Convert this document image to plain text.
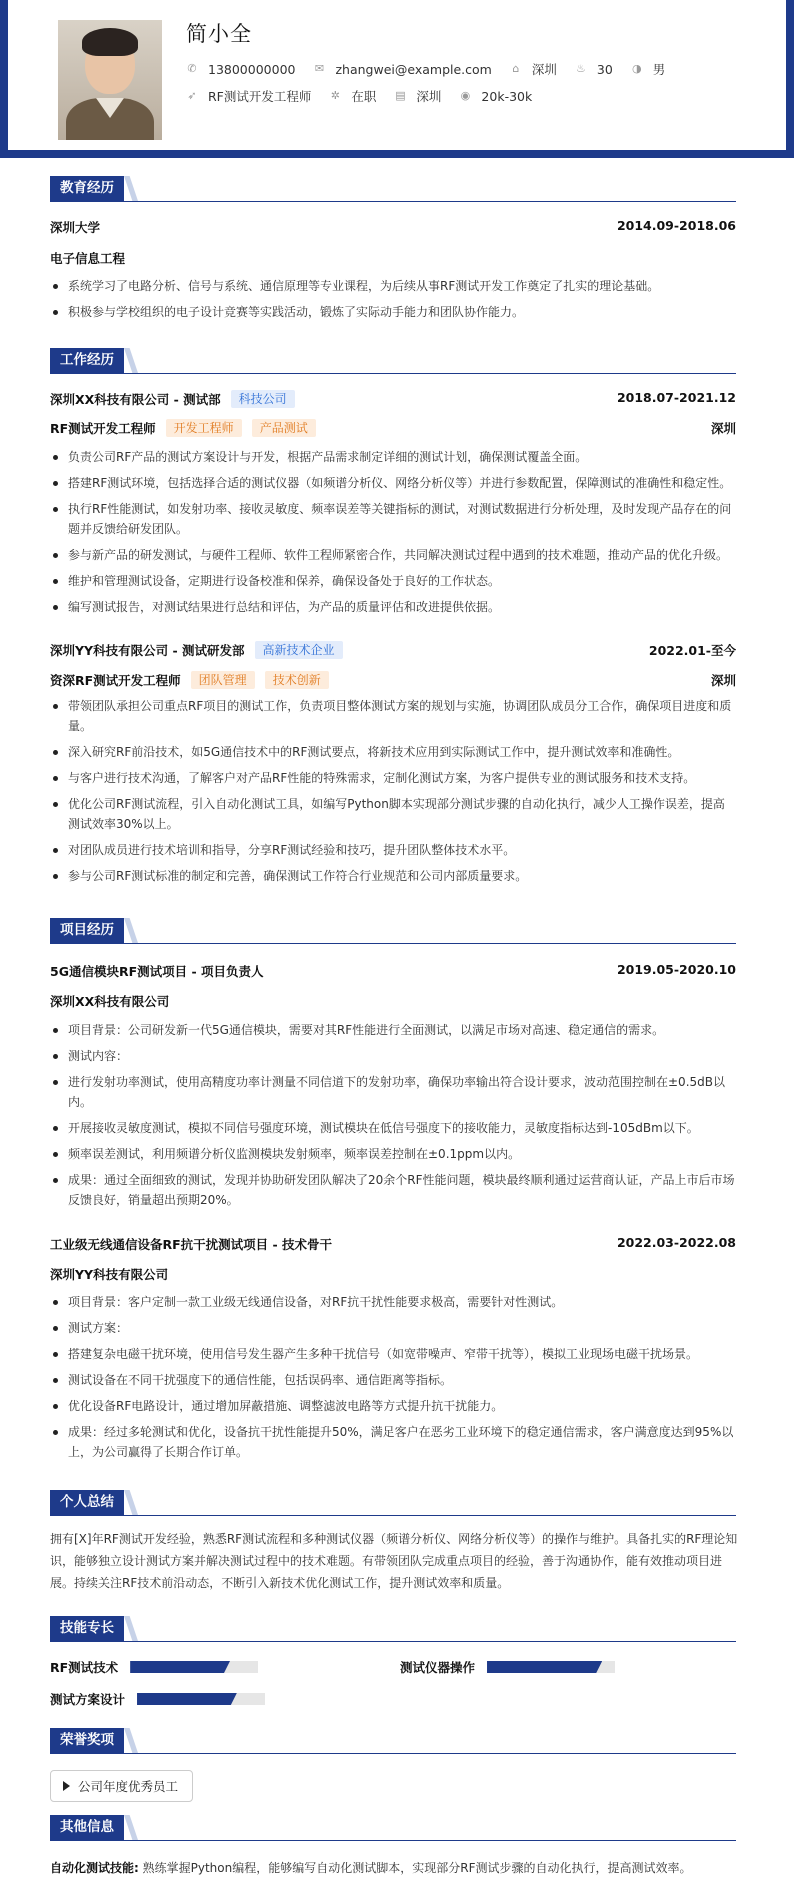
简小全
✆ 13800000000 ✉ zhangwei@example.com ⌂ 深圳 ♨ 30 ◑ 男
➶ RF测试开发工程师 ✲ 在职 ▤ 深圳 ◉ 20k-30k
教育经历
深圳大学	2014.09-2018.06
电子信息工程
系统学习了电路分析、信号与系统、通信原理等专业课程，为后续从事RF测试开发工作奠定了扎实的理论基础。
积极参与学校组织的电子设计竞赛等实践活动，锻炼了实际动手能力和团队协作能力。
工作经历
深圳XX科技有限公司 - 测试部	科技公司	2018.07-2021.12
RF测试开发工程师	开发工程师	产品测试	深圳
负责公司RF产品的测试方案设计与开发，根据产品需求制定详细的测试计划，确保测试覆盖全面。
搭建RF测试环境，包括选择合适的测试仪器（如频谱分析仪、网络分析仪等）并进行参数配置，保障测试的准确性和稳定性。
执行RF性能测试，如发射功率、接收灵敏度、频率误差等关键指标的测试，对测试数据进行分析处理，及时发现产品存在的问题并反馈给研发团队。
参与新产品的研发测试，与硬件工程师、软件工程师紧密合作，共同解决测试过程中遇到的技术难题，推动产品的优化升级。
维护和管理测试设备，定期进行设备校准和保养，确保设备处于良好的工作状态。
编写测试报告，对测试结果进行总结和评估，为产品的质量评估和改进提供依据。
深圳YY科技有限公司 - 测试研发部	高新技术企业	2022.01-至今
资深RF测试开发工程师	团队管理	技术创新	深圳
带领团队承担公司重点RF项目的测试工作，负责项目整体测试方案的规划与实施，协调团队成员分工合作，确保项目进度和质量。
深入研究RF前沿技术，如5G通信技术中的RF测试要点，将新技术应用到实际测试工作中，提升测试效率和准确性。
与客户进行技术沟通，了解客户对产品RF性能的特殊需求，定制化测试方案，为客户提供专业的测试服务和技术支持。
优化公司RF测试流程，引入自动化测试工具，如编写Python脚本实现部分测试步骤的自动化执行，减少人工操作误差，提高测试效率30%以上。
对团队成员进行技术培训和指导，分享RF测试经验和技巧，提升团队整体技术水平。
参与公司RF测试标准的制定和完善，确保测试工作符合行业规范和公司内部质量要求。
项目经历
5G通信模块RF测试项目 - 项目负责人	2019.05-2020.10
深圳XX科技有限公司
项目背景：公司研发新一代5G通信模块，需要对其RF性能进行全面测试，以满足市场对高速、稳定通信的需求。
测试内容：
进行发射功率测试，使用高精度功率计测量不同信道下的发射功率，确保功率输出符合设计要求，波动范围控制在±0.5dB以内。
开展接收灵敏度测试，模拟不同信号强度环境，测试模块在低信号强度下的接收能力，灵敏度指标达到-105dBm以下。
频率误差测试，利用频谱分析仪监测模块发射频率，频率误差控制在±0.1ppm以内。
成果：通过全面细致的测试，发现并协助研发团队解决了20余个RF性能问题，模块最终顺利通过运营商认证，产品上市后市场反馈良好，销量超出预期20%。
工业级无线通信设备RF抗干扰测试项目 - 技术骨干	2022.03-2022.08
深圳YY科技有限公司
项目背景：客户定制一款工业级无线通信设备，对RF抗干扰性能要求极高，需要针对性测试。
测试方案：
搭建复杂电磁干扰环境，使用信号发生器产生多种干扰信号（如宽带噪声、窄带干扰等），模拟工业现场电磁干扰场景。
测试设备在不同干扰强度下的通信性能，包括误码率、通信距离等指标。
优化设备RF电路设计，通过增加屏蔽措施、调整滤波电路等方式提升抗干扰能力。
成果：经过多轮测试和优化，设备抗干扰性能提升50%，满足客户在恶劣工业环境下的稳定通信需求，客户满意度达到95%以上，为公司赢得了长期合作订单。
个人总结
拥有[X]年RF测试开发经验，熟悉RF测试流程和多种测试仪器（频谱分析仪、网络分析仪等）的操作与维护。具备扎实的RF理论知识，能够独立设计测试方案并解决测试过程中的技术难题。有带领团队完成重点项目的经验，善于沟通协作，能有效推动项目进展。持续关注RF技术前沿动态，不断引入新技术优化测试工作，提升测试效率和质量。
技能专长
RF测试技术	测试仪器操作
测试方案设计
荣誉奖项
公司年度优秀员工
其他信息
自动化测试技能: 熟练掌握Python编程，能够编写自动化测试脚本，实现部分RF测试步骤的自动化执行，提高测试效率。
